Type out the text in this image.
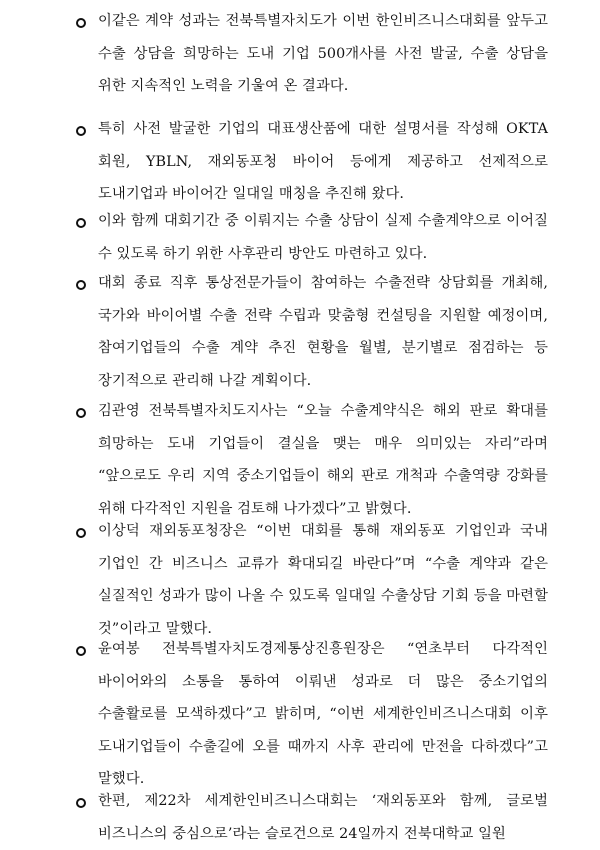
이같은 계약 성과는 전북특별자치도가 이번 한인비즈니스대회를 앞두고 수출 상담을 희망하는 도내 기업 500개사를 사전 발굴, 수출 상담을 위한 지속적인 노력을 기울여 온 결과다.

특히 사전 발굴한 기업의 대표생산품에 대한 설명서를 작성해 OKTA 회원, YBLN, 재외동포청 바이어 등에게 제공하고 선제적으로 도내기업과 바이어간 일대일 매칭을 추진해 왔다.

이와 함께 대회기간 중 이뤄지는 수출 상담이 실제 수출계약으로 이어질 수 있도록 하기 위한 사후관리 방안도 마련하고 있다.

대회 종료 직후 통상전문가들이 참여하는 수출전략 상담회를 개최해, 국가와 바이어별 수출 전략 수립과 맞춤형 컨설팅을 지원할 예정이며, 참여기업들의 수출 계약 추진 현황을 월별, 분기별로 점검하는 등 장기적으로 관리해 나갈 계획이다.

김관영 전북특별자치도지사는 “오늘 수출계약식은 해외 판로 확대를 희망하는 도내 기업들이 결실을 맺는 매우 의미있는 자리”라며 “앞으로도 우리 지역 중소기업들이 해외 판로 개척과 수출역량 강화를 위해 다각적인 지원을 검토해 나가겠다”고 밝혔다.

이상덕 재외동포청장은 “이번 대회를 통해 재외동포 기업인과 국내 기업인 간 비즈니스 교류가 확대되길 바란다”며 “수출 계약과 같은 실질적인 성과가 많이 나올 수 있도록 일대일 수출상담 기회 등을 마련할 것”이라고 말했다.

윤여봉 전북특별자치도경제통상진흥원장은 “연초부터 다각적인 바이어와의 소통을 통하여 이뤄낸 성과로 더 많은 중소기업의 수출활로를 모색하겠다”고 밝히며, “이번 세계한인비즈니스대회 이후 도내기업들이 수출길에 오를 때까지 사후 관리에 만전을 다하겠다”고 말했다.

한편, 제22차 세계한인비즈니스대회는 ‘재외동포와 함께, 글로벌 비즈니스의 중심으로’라는 슬로건으로 24일까지 전북대학교 일원
